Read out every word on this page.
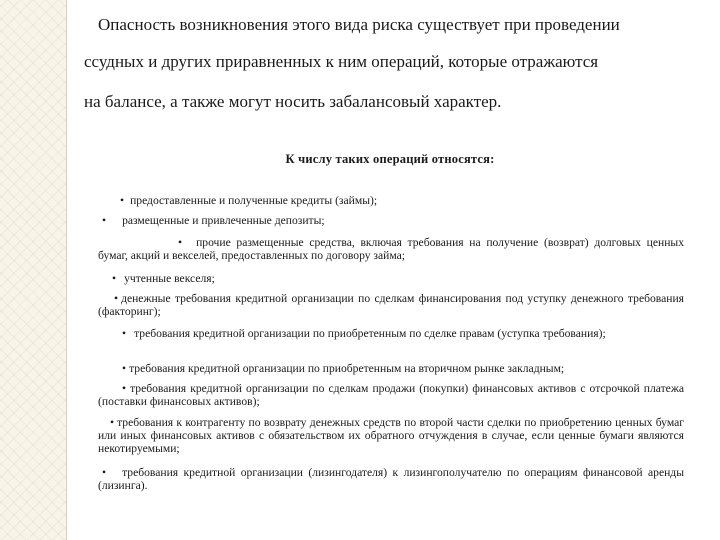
Опасность возникновения этого вида риска существует при проведении
ссудных и других приравненных к ним операций, которые отражаются
на балансе, а также могут носить забалансовый характер.
К числу таких операций относятся:
• предоставленные и полученные кредиты (займы);
• размещенные и привлеченные депозиты;
• прочие размещенные средства, включая требования на получение (возврат) долговых ценных бумаг, акций и векселей, предоставленных по договору займа;
• учтенные векселя;
• денежные требования кредитной организации по сделкам финансирования под уступку денежного требования (факторинг);
• требования кредитной организации по приобретенным по сделке правам (уступка требования);
• требования кредитной организации по приобретенным на вторичном рынке закладным;
• требования кредитной организации по сделкам продажи (покупки) финансовых активов с отсрочкой платежа (поставки финансовых активов);
• требования к контрагенту по возврату денежных средств по второй части сделки по приобретению ценных бумаг или иных финансовых активов с обязательством их обратного отчуждения в случае, если ценные бумаги являются некотируемыми;
• требования кредитной организации (лизингодателя) к лизингополучателю по операциям финансовой аренды (лизинга).
